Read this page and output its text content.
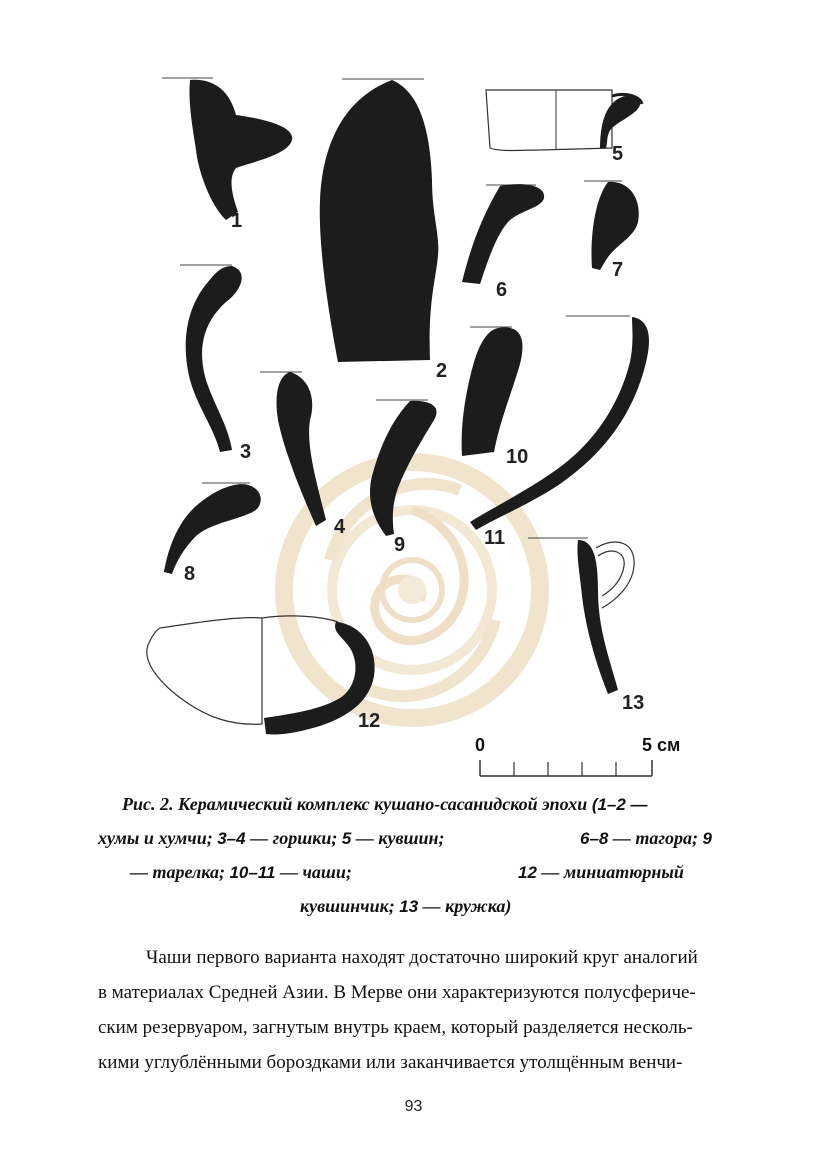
1
2
3
4
5
6
7
8
9
10
11
12
13
0	5 см
Рис. 2. Керамический комплекс кушано-сасанидской эпохи (1–2 —
хумы и хумчи; 3–4 — горшки; 5 — кувшин;	6–8 — тагора; 9
— тарелка; 10–11 — чаши;	12 — миниатюрный
кувшинчик; 13 — кружка)
Чаши первого варианта находят достаточно широкий круг аналогий
в материалах Средней Азии. В Мерве они характеризуются полусфериче-
ским резервуаром, загнутым внутрь краем, который разделяется несколь-
кими углублёнными бороздками или заканчивается утолщённым венчи-
93
